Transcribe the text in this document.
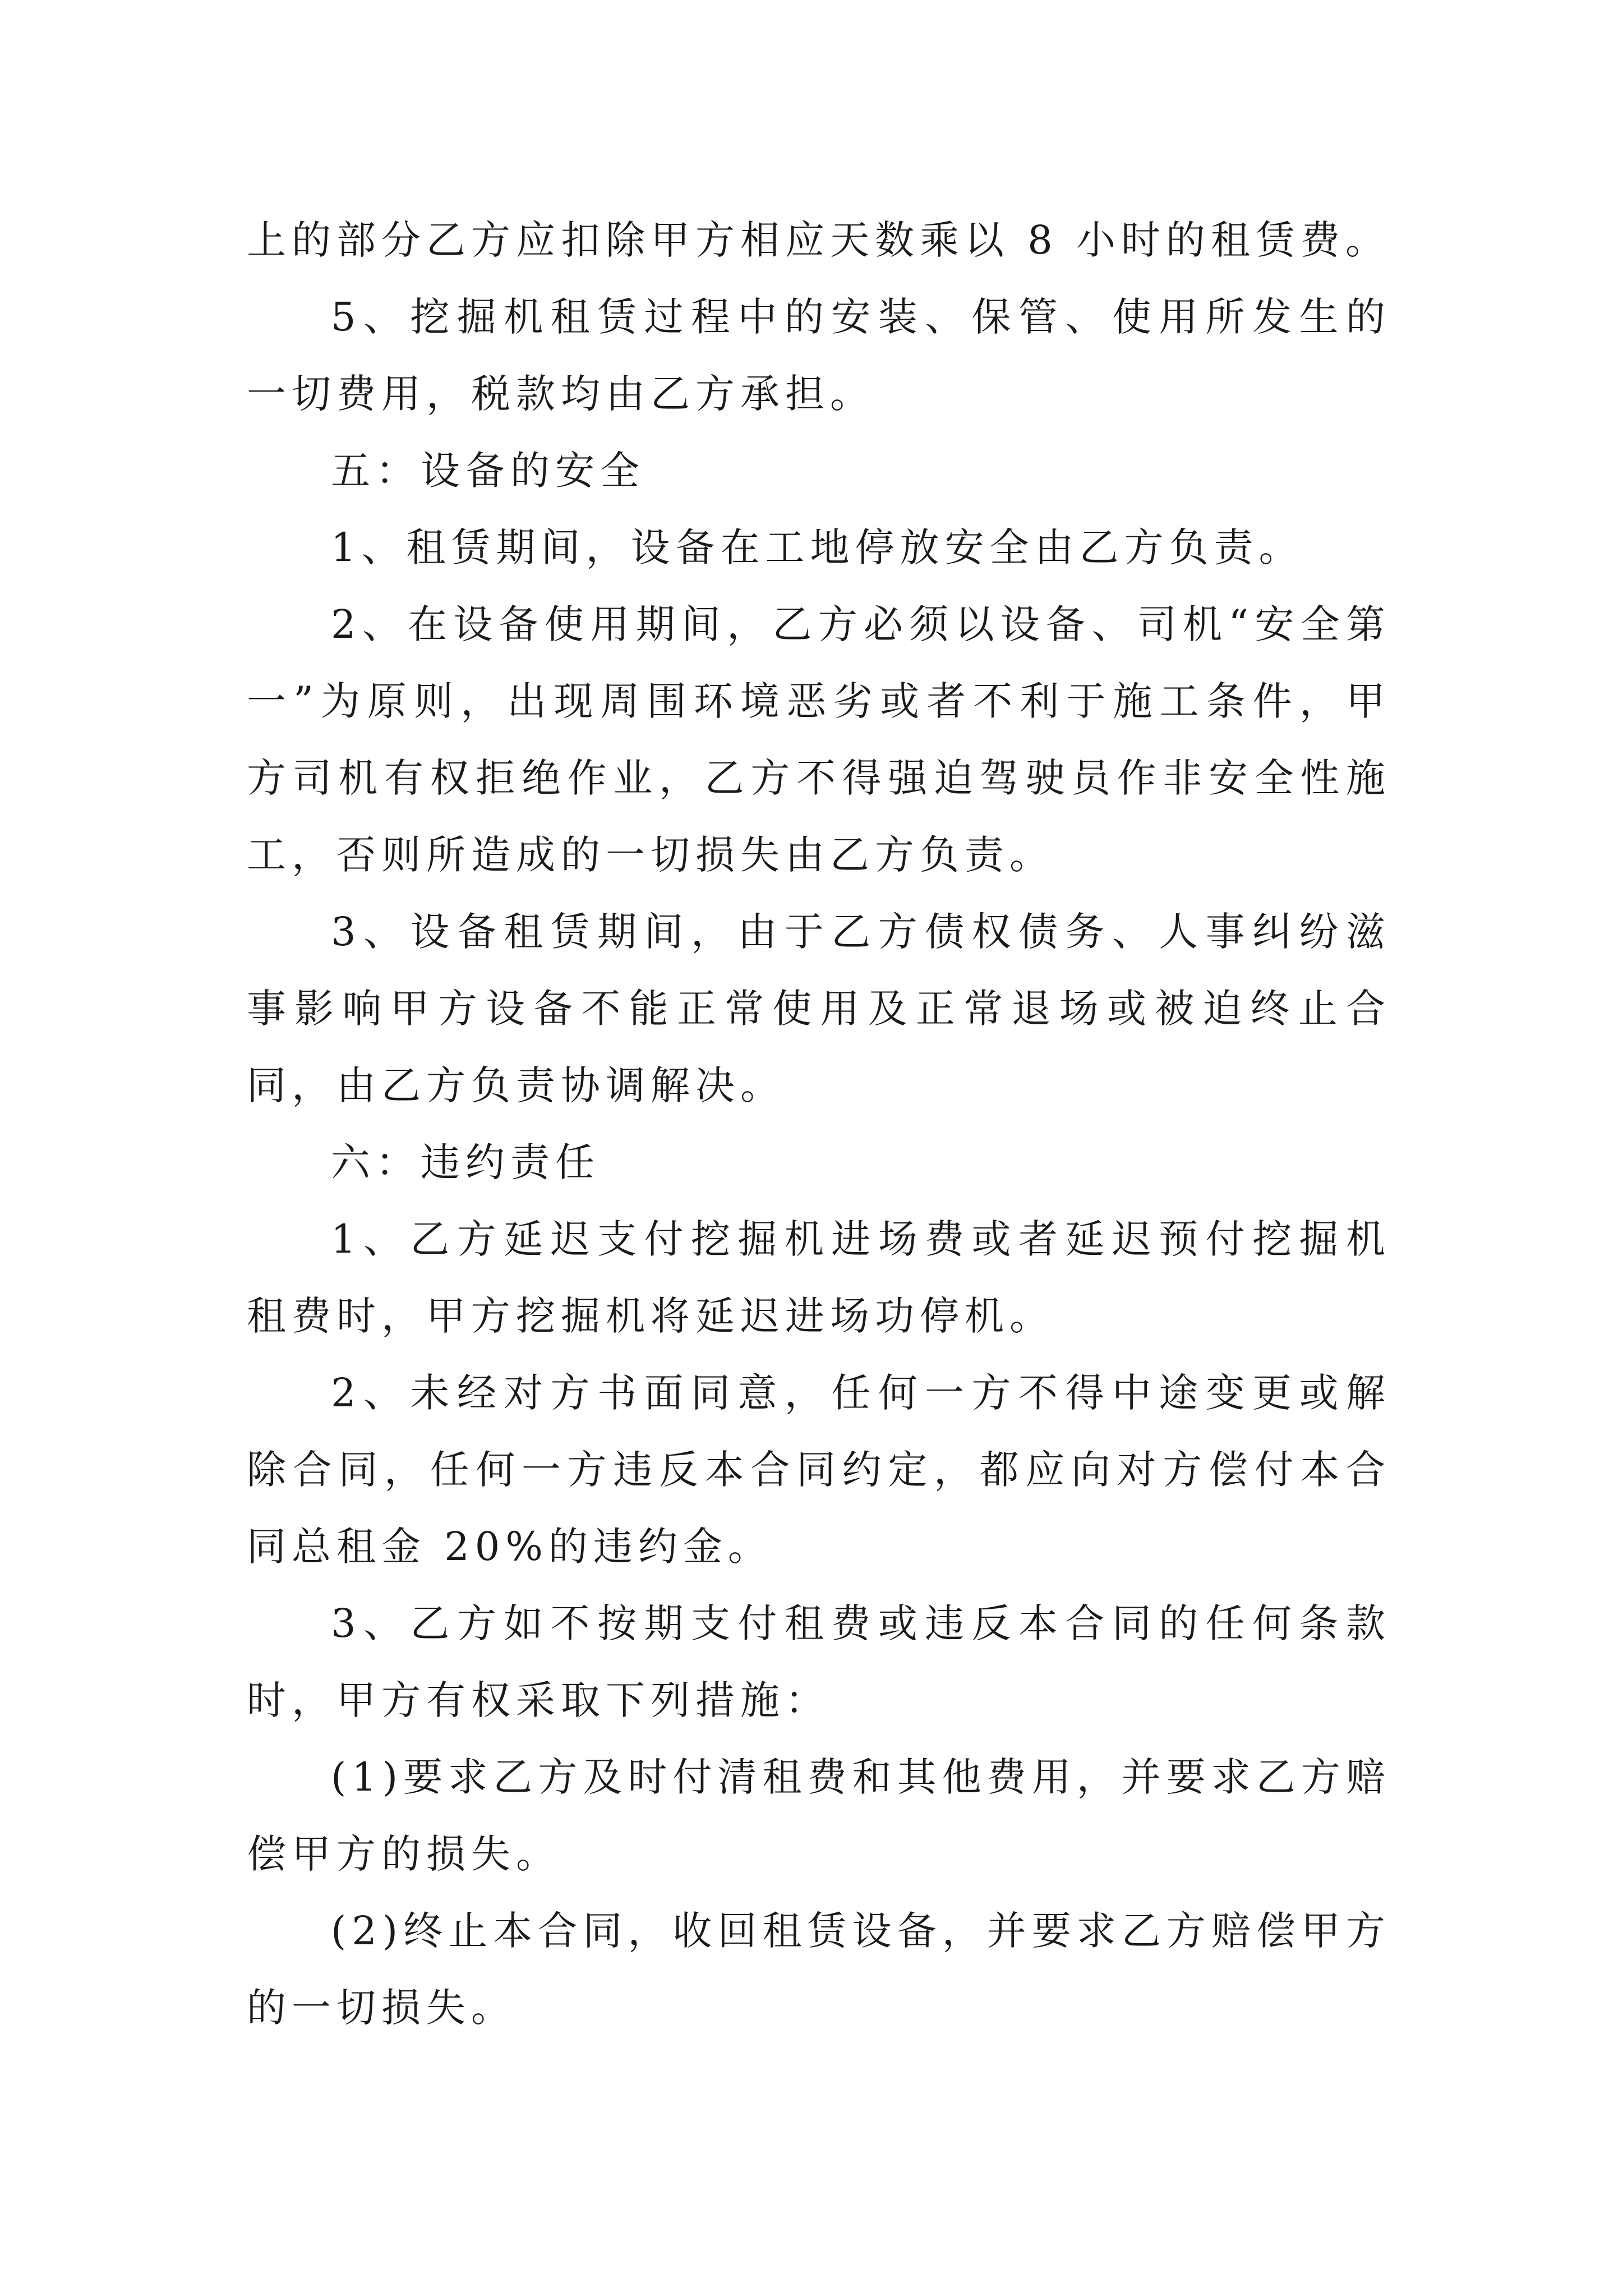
上的部分乙方应扣除甲方相应天数乘以 8 小时的租赁费。

5、挖掘机租赁过程中的安装、保管、使用所发生的一切费用，税款均由乙方承担。

五：设备的安全

1、租赁期间，设备在工地停放安全由乙方负责。

2、在设备使用期间，乙方必须以设备、司机“安全第一”为原则，出现周围环境恶劣或者不利于施工条件，甲方司机有权拒绝作业，乙方不得强迫驾驶员作非安全性施工，否则所造成的一切损失由乙方负责。

3、设备租赁期间，由于乙方债权债务、人事纠纷滋事影响甲方设备不能正常使用及正常退场或被迫终止合同，由乙方负责协调解决。

六：违约责任

1、乙方延迟支付挖掘机进场费或者延迟预付挖掘机租费时，甲方挖掘机将延迟进场功停机。

2、未经对方书面同意，任何一方不得中途变更或解除合同，任何一方违反本合同约定，都应向对方偿付本合同总租金 20%的违约金。

3、乙方如不按期支付租费或违反本合同的任何条款时，甲方有权采取下列措施：

(1)要求乙方及时付清租费和其他费用，并要求乙方赔偿甲方的损失。

(2)终止本合同，收回租赁设备，并要求乙方赔偿甲方的一切损失。
